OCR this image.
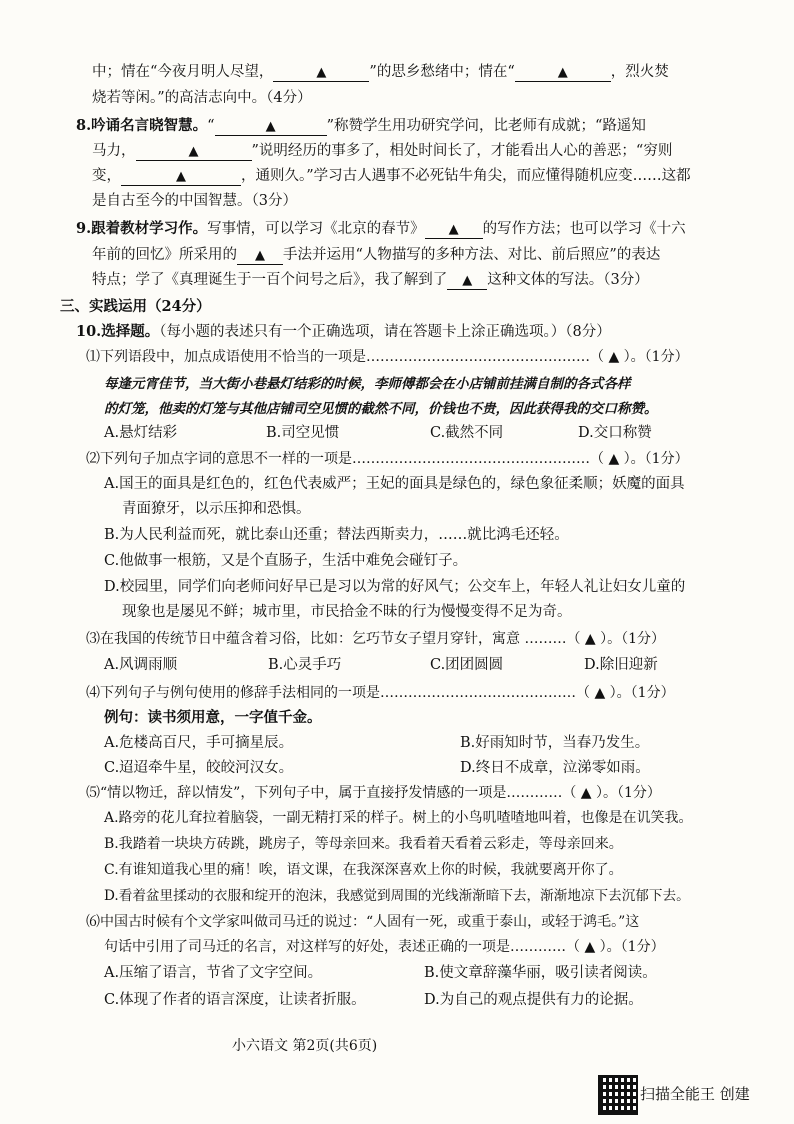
中；情在“今夜月明人尽望，	▲	”的思乡愁绪中；情在“	▲	，烈火焚
烧若等闲。”的高洁志向中。（4分）
8.吟诵名言晓智慧。“	▲	”称赞学生用功研究学问，比老师有成就；“路遥知
马力，	▲	”说明经历的事多了，相处时间长了，才能看出人心的善恶；“穷则
变，	▲	，通则久。”学习古人遇事不必死钻牛角尖，而应懂得随机应变……这都
是自古至今的中国智慧。（3分）
9.跟着教材学习作。写事情，可以学习《北京的春节》 ▲ 的写作方法；也可以学习《十六
年前的回忆》所采用的 ▲ 手法并运用“人物描写的多种方法、对比、前后照应”的表达
特点；学了《真理诞生于一百个问号之后》，我了解到了 ▲ 这种文体的写法。（3分）
三、实践运用（24分）
10.选择题。（每小题的表述只有一个正确选项，请在答题卡上涂正确选项。）（8分）
⑴下列语段中，加点成语使用不恰当的一项是…………………………………………（ ▲ ）。（1分）
每逢元宵佳节，当大街小巷悬灯结彩的时候，李师傅都会在小店铺前挂满自制的各式各样
的灯笼，他卖的灯笼与其他店铺司空见惯的截然不同，价钱也不贵，因此获得我的交口称赞。
A.悬灯结彩	B.司空见惯	C.截然不同	D.交口称赞
⑵下列句子加点字词的意思不一样的一项是……………………………………………（ ▲ ）。（1分）
A.国王的面具是红色的，红色代表威严；王妃的面具是绿色的，绿色象征柔顺；妖魔的面具
青面獠牙，以示压抑和恐惧。
B.为人民利益而死，就比泰山还重；替法西斯卖力，……就比鸿毛还轻。
C.他做事一根筋，又是个直肠子，生活中难免会碰钉子。
D.校园里，同学们向老师问好早已是习以为常的好风气；公交车上，年轻人礼让妇女儿童的
现象也是屡见不鲜；城市里，市民拾金不昧的行为慢慢变得不足为奇。
⑶在我国的传统节日中蕴含着习俗，比如：乞巧节女子望月穿针，寓意 ………（ ▲ ）。（1分）
A.风调雨顺	B.心灵手巧	C.团团圆圆	D.除旧迎新
⑷下列句子与例句使用的修辞手法相同的一项是……………………………………（ ▲ ）。（1分）
例句：读书须用意，一字值千金。
A.危楼高百尺，手可摘星辰。	B.好雨知时节，当春乃发生。
C.迢迢牵牛星，皎皎河汉女。	D.终日不成章，泣涕零如雨。
⑸“情以物迁，辞以情发”，下列句子中，属于直接抒发情感的一项是…………（ ▲ ）。（1分）
A.路旁的花儿耷拉着脑袋，一副无精打采的样子。树上的小鸟叽喳喳地叫着，也像是在讥笑我。
B.我踏着一块块方砖跳，跳房子，等母亲回来。我看着天看着云彩走，等母亲回来。
C.有谁知道我心里的痛！唉，语文课，在我深深喜欢上你的时候，我就要离开你了。
D.看着盆里揉动的衣服和绽开的泡沫，我感觉到周围的光线渐渐暗下去，渐渐地凉下去沉郁下去。
⑹中国古时候有个文学家叫做司马迁的说过：“人固有一死，或重于泰山，或轻于鸿毛。”这
句话中引用了司马迁的名言，对这样写的好处，表述正确的一项是…………（ ▲ ）。（1分）
A.压缩了语言，节省了文字空间。	B.使文章辞藻华丽，吸引读者阅读。
C.体现了作者的语言深度，让读者折服。	D.为自己的观点提供有力的论据。
小六语文 第2页(共6页)
扫描全能王 创建
